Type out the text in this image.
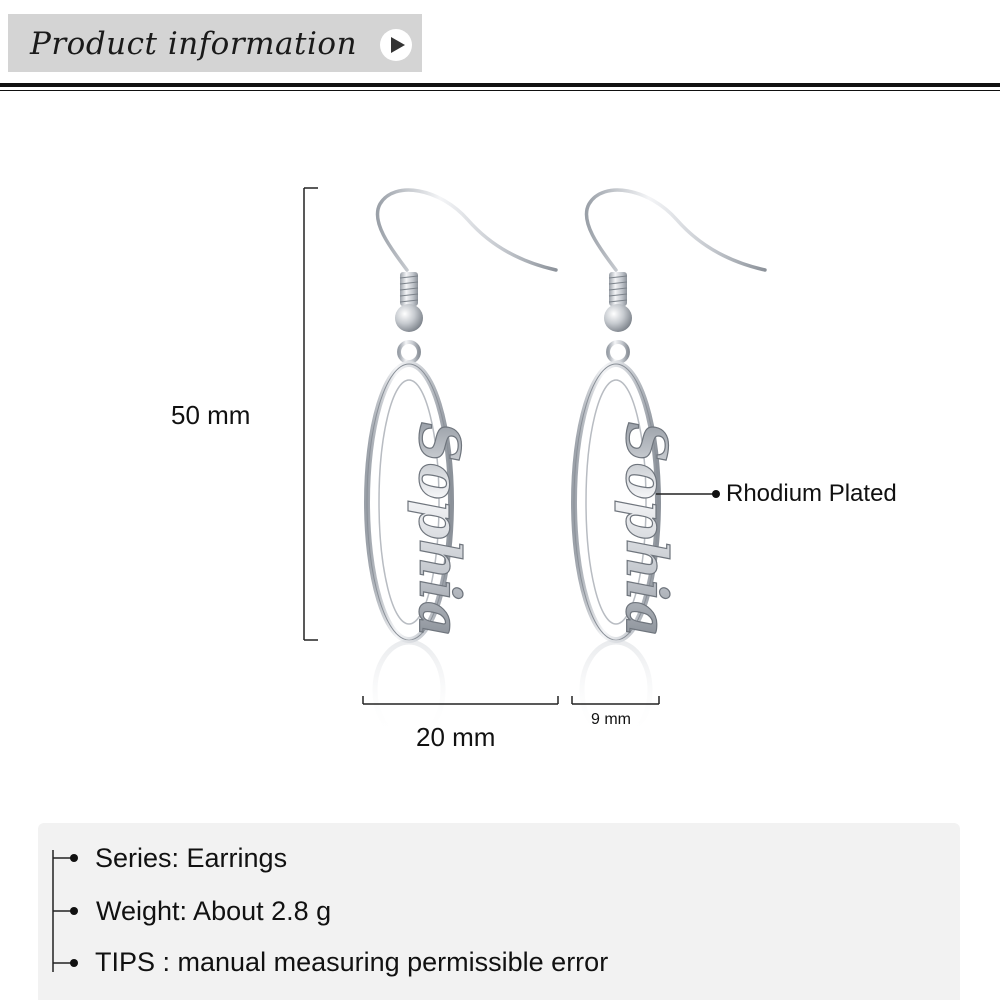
Product information
Sophia	Sophia
50 mm
20 mm
9 mm
Rhodium Plated
Series: Earrings
Weight: About 2.8 g
TIPS : manual measuring permissible error
